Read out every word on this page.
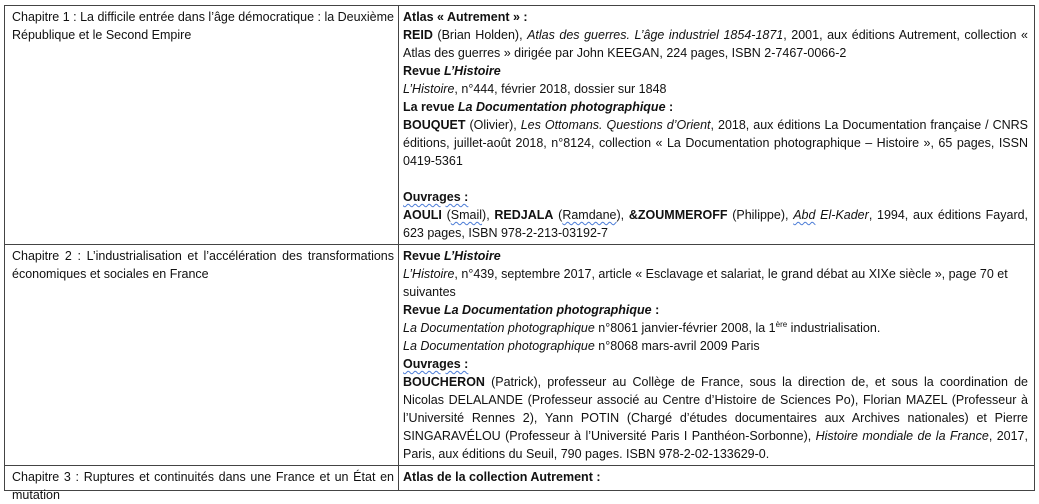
Chapitre 1 : La difficile entrée dans l’âge démocratique : la Deuxième République et le Second Empire
Atlas « Autrement » :
REID (Brian Holden), Atlas des guerres. L’âge industriel 1854-1871, 2001, aux éditions Autrement, collection « Atlas des guerres » dirigée par John KEEGAN, 224 pages, ISBN 2-7467-0066-2
Revue L’Histoire
L’Histoire, n°444, février 2018, dossier sur 1848
La revue La Documentation photographique :
BOUQUET (Olivier), Les Ottomans. Questions d’Orient, 2018, aux éditions La Documentation française / CNRS éditions, juillet-août 2018, n°8124, collection « La Documentation photographique – Histoire », 65 pages, ISSN 0419-5361
Ouvrages :
AOULI (Smail), REDJALA (Ramdane), &ZOUMMEROFF (Philippe), Abd El-Kader, 1994, aux éditions Fayard, 623 pages, ISBN 978-2-213-03192-7
Chapitre 2 : L’industrialisation et l’accélération des transformations économiques et sociales en France
Revue L’Histoire
L’Histoire, n°439, septembre 2017, article « Esclavage et salariat, le grand débat au XIXe siècle », page 70 et suivantes
Revue La Documentation photographique :
La Documentation photographique n°8061 janvier-février 2008, la 1ère industrialisation.
La Documentation photographique n°8068 mars-avril 2009 Paris
Ouvrages :
BOUCHERON (Patrick), professeur au Collège de France, sous la direction de, et sous la coordination de Nicolas DELALANDE (Professeur associé au Centre d’Histoire de Sciences Po), Florian MAZEL (Professeur à l’Université Rennes 2), Yann POTIN (Chargé d’études documentaires aux Archives nationales) et Pierre SINGARAVÉLOU (Professeur à l’Université Paris I Panthéon-Sorbonne), Histoire mondiale de la France, 2017, Paris, aux éditions du Seuil, 790 pages. ISBN 978-2-02-133629-0.
Chapitre 3 : Ruptures et continuités dans une France et un État en mutation
Atlas de la collection Autrement :
